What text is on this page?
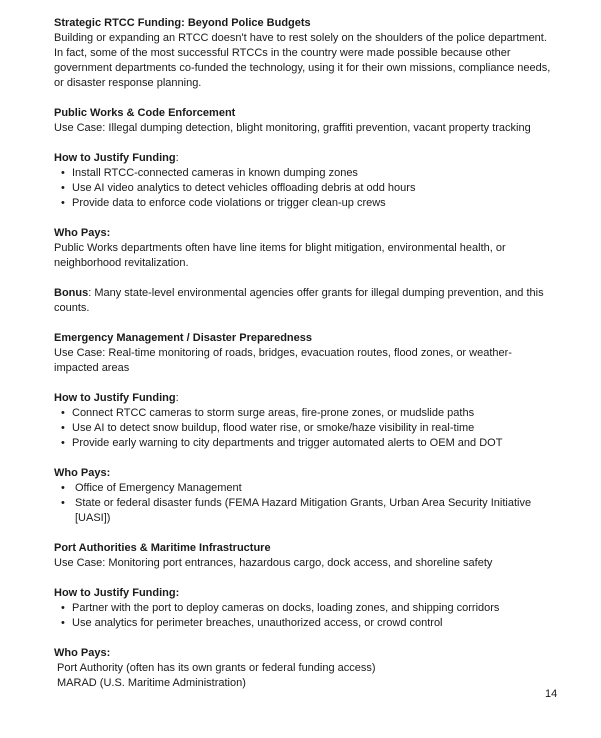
Strategic RTCC Funding: Beyond Police Budgets

Building or expanding an RTCC doesn't have to rest solely on the shoulders of the police department. In fact, some of the most successful RTCCs in the country were made possible because other government departments co-funded the technology, using it for their own missions, compliance needs, or disaster response planning.

Public Works & Code Enforcement

Use Case: Illegal dumping detection, blight monitoring, graffiti prevention, vacant property tracking

How to Justify Funding:

• Install RTCC-connected cameras in known dumping zones
• Use AI video analytics to detect vehicles offloading debris at odd hours
• Provide data to enforce code violations or trigger clean-up crews

Who Pays:

Public Works departments often have line items for blight mitigation, environmental health, or neighborhood revitalization.

Bonus: Many state-level environmental agencies offer grants for illegal dumping prevention, and this counts.

Emergency Management / Disaster Preparedness

Use Case: Real-time monitoring of roads, bridges, evacuation routes, flood zones, or weather-impacted areas

How to Justify Funding:

• Connect RTCC cameras to storm surge areas, fire-prone zones, or mudslide paths
• Use AI to detect snow buildup, flood water rise, or smoke/haze visibility in real-time
• Provide early warning to city departments and trigger automated alerts to OEM and DOT

Who Pays:

• Office of Emergency Management
• State or federal disaster funds (FEMA Hazard Mitigation Grants, Urban Area Security Initiative [UASI])

Port Authorities & Maritime Infrastructure

Use Case: Monitoring port entrances, hazardous cargo, dock access, and shoreline safety

How to Justify Funding:

• Partner with the port to deploy cameras on docks, loading zones, and shipping corridors
• Use analytics for perimeter breaches, unauthorized access, or crowd control

Who Pays:

Port Authority (often has its own grants or federal funding access)

MARAD (U.S. Maritime Administration)

14
